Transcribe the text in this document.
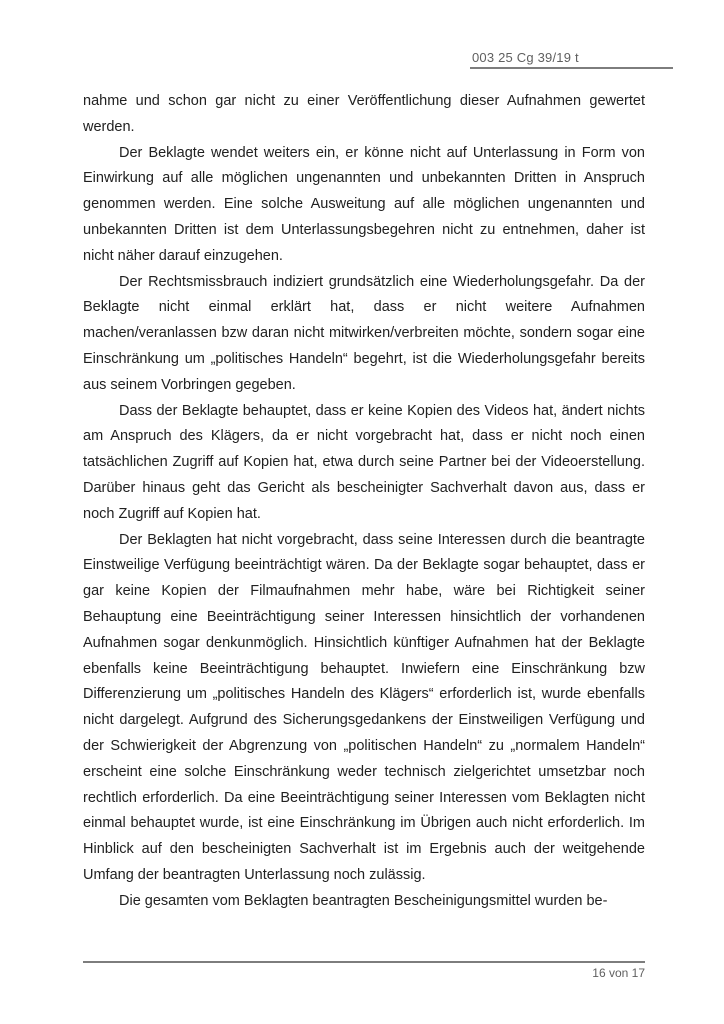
003 25 Cg 39/19 t

nahme und schon gar nicht zu einer Veröffentlichung dieser Aufnahmen gewertet werden.

Der Beklagte wendet weiters ein, er könne nicht auf Unterlassung in Form von Einwirkung auf alle möglichen ungenannten und unbekannten Dritten in Anspruch genommen werden. Eine solche Ausweitung auf alle möglichen ungenannten und unbekannten Dritten ist dem Unterlassungsbegehren nicht zu entnehmen, daher ist nicht näher darauf einzugehen.

Der Rechtsmissbrauch indiziert grundsätzlich eine Wiederholungsgefahr. Da der Beklagte nicht einmal erklärt hat, dass er nicht weitere Aufnahmen machen/veranlassen bzw daran nicht mitwirken/verbreiten möchte, sondern sogar eine Einschränkung um „politisches Handeln“ begehrt, ist die Wiederholungsgefahr bereits aus seinem Vorbringen gegeben.

Dass der Beklagte behauptet, dass er keine Kopien des Videos hat, ändert nichts am Anspruch des Klägers, da er nicht vorgebracht hat, dass er nicht noch einen tatsächlichen Zugriff auf Kopien hat, etwa durch seine Partner bei der Videoerstellung. Darüber hinaus geht das Gericht als bescheinigter Sachverhalt davon aus, dass er noch Zugriff auf Kopien hat.

Der Beklagten hat nicht vorgebracht, dass seine Interessen durch die beantragte Einstweilige Verfügung beeinträchtigt wären. Da der Beklagte sogar behauptet, dass er gar keine Kopien der Filmaufnahmen mehr habe, wäre bei Richtigkeit seiner Behauptung eine Beeinträchtigung seiner Interessen hinsichtlich der vorhandenen Aufnahmen sogar denkunmöglich. Hinsichtlich künftiger Aufnahmen hat der Beklagte ebenfalls keine Beeinträchtigung behauptet. Inwiefern eine Einschränkung bzw Differenzierung um „politisches Handeln des Klägers“ erforderlich ist, wurde ebenfalls nicht dargelegt. Aufgrund des Sicherungsgedankens der Einstweiligen Verfügung und der Schwierigkeit der Abgrenzung von „politischen Handeln“ zu „normalem Handeln“ erscheint eine solche Einschränkung weder technisch zielgerichtet umsetzbar noch rechtlich erforderlich. Da eine Beeinträchtigung seiner Interessen vom Beklagten nicht einmal behauptet wurde, ist eine Einschränkung im Übrigen auch nicht erforderlich. Im Hinblick auf den bescheinigten Sachverhalt ist im Ergebnis auch der weitgehende Umfang der beantragten Unterlassung noch zulässig.

Die gesamten vom Beklagten beantragten Bescheinigungsmittel wurden be-

16 von 17
